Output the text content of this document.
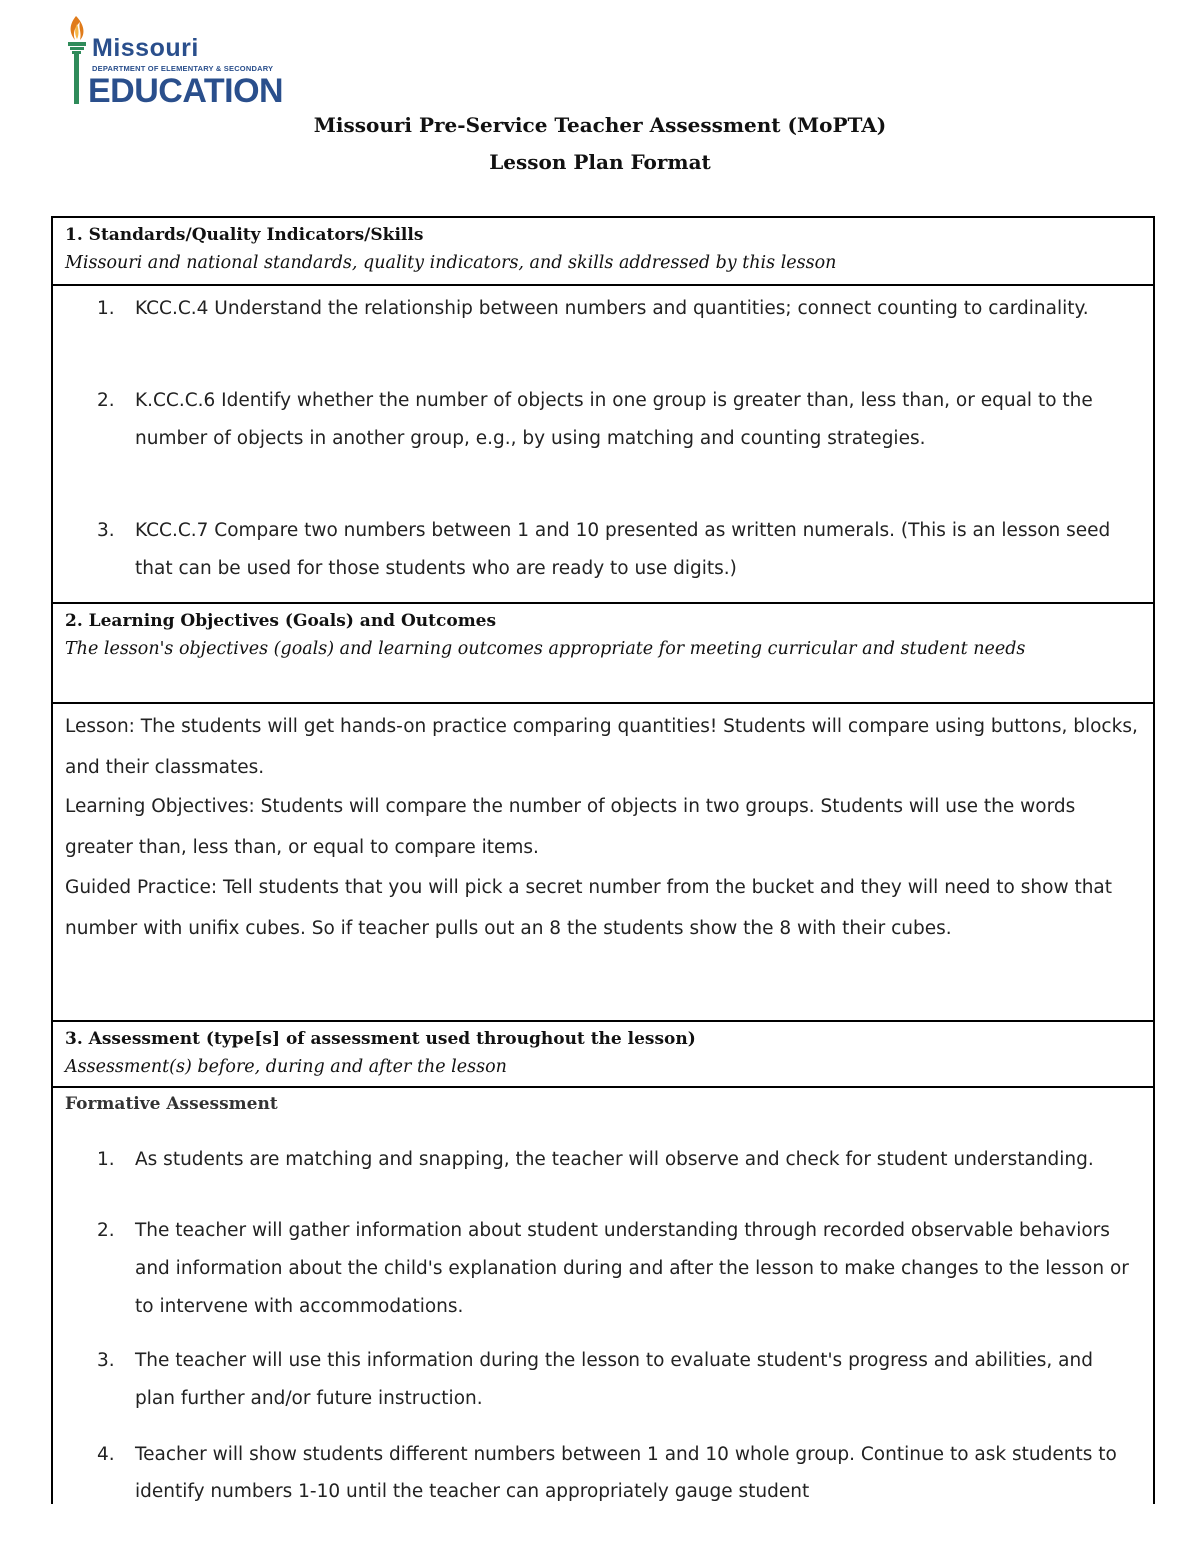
Missouri
DEPARTMENT OF ELEMENTARY & SECONDARY
EDUCATION
Missouri Pre-Service Teacher Assessment (MoPTA)
Lesson Plan Format
1. Standards/Quality Indicators/Skills
Missouri and national standards, quality indicators, and skills addressed by this lesson
1.	KCC.C.4 Understand the relationship between numbers and quantities; connect counting to cardinality.
2.	K.CC.C.6 Identify whether the number of objects in one group is greater than, less than, or equal to the number of objects in another group, e.g., by using matching and counting strategies.
3.	KCC.C.7 Compare two numbers between 1 and 10 presented as written numerals. (This is an lesson seed that can be used for those students who are ready to use digits.)
2. Learning Objectives (Goals) and Outcomes
The lesson's objectives (goals) and learning outcomes appropriate for meeting curricular and student needs
Lesson: The students will get hands-on practice comparing quantities! Students will compare using buttons, blocks, and their classmates.
Learning Objectives: Students will compare the number of objects in two groups. Students will use the words greater than, less than, or equal to compare items.
Guided Practice: Tell students that you will pick a secret number from the bucket and they will need to show that number with unifix cubes. So if teacher pulls out an 8 the students show the 8 with their cubes.
3. Assessment (type[s] of assessment used throughout the lesson)
Assessment(s) before, during and after the lesson
Formative Assessment
1.	As students are matching and snapping, the teacher will observe and check for student understanding.
2.	The teacher will gather information about student understanding through recorded observable behaviors and information about the child's explanation during and after the lesson to make changes to the lesson or to intervene with accommodations.
3.	The teacher will use this information during the lesson to evaluate student's progress and abilities, and plan further and/or future instruction.
4.	Teacher will show students different numbers between 1 and 10 whole group. Continue to ask students to identify numbers 1-10 until the teacher can appropriately gauge student
